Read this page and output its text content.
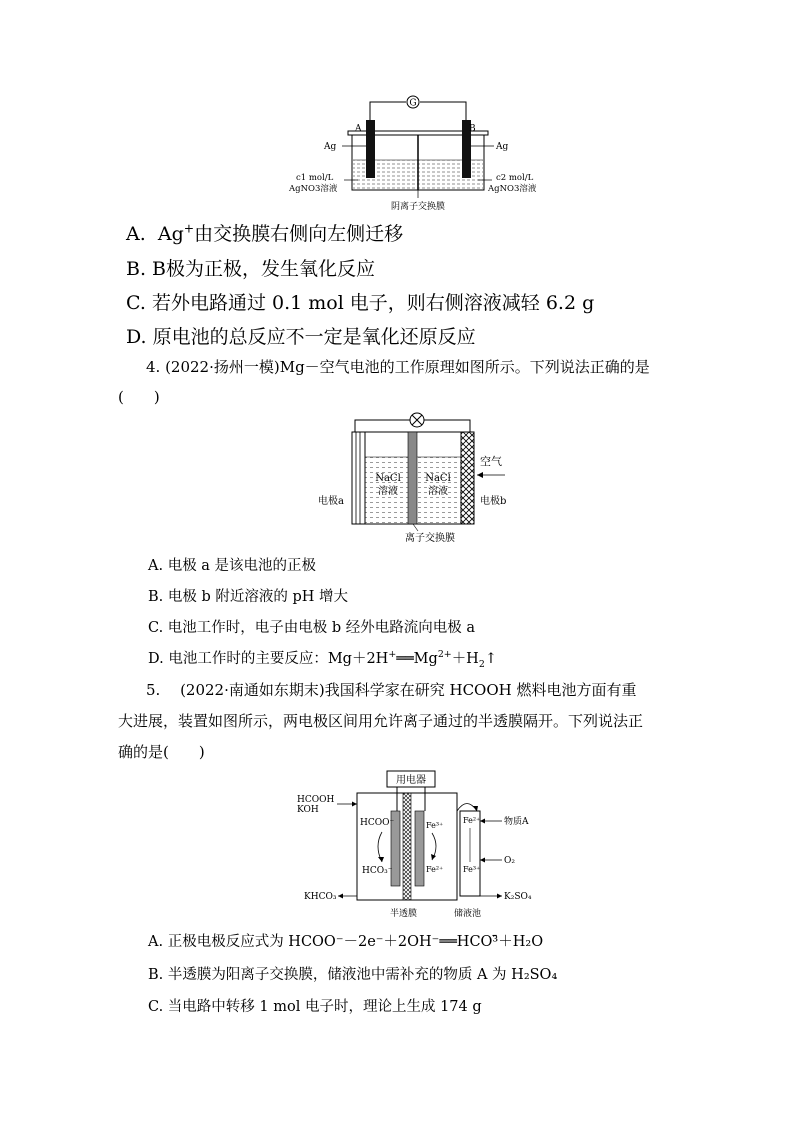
G
A	B
Ag	Ag
c1 mol/L
AgNO3溶液
c2 mol/L
AgNO3溶液
阴离子交换膜
A. Ag+由交换膜右侧向左侧迁移
B. B极为正极，发生氧化反应
C. 若外电路通过 0.1 mol 电子，则右侧溶液减轻 6.2 g
D. 原电池的总反应不一定是氧化还原反应
4. (2022·扬州一模)Mg－空气电池的工作原理如图所示。下列说法正确的是
(　　)
NaCl
溶液
NaCl
溶液
空气
电极a	电极b
离子交换膜
A. 电极 a 是该电池的正极
B. 电极 b 附近溶液的 pH 增大
C. 电池工作时，电子由电极 b 经外电路流向电极 a
D. 电池工作时的主要反应：$Mg+2H^+══Mg^{2+}+H_2↑$
5.　 (2022·南通如东期末)我国科学家在研究 HCOOH 燃料电池方面有重
大进展，装置如图所示，两电极区间用允许离子通过的半透膜隔开。下列说法正
确的是(　　)
用电器
HCOOH
KOH
KHCO₃
HCOO⁻
HCO₃⁻
Fe³⁺
Fe²⁺
Fe²⁺
Fe³⁺
物质A
O₂
K₂SO₄
半透膜	储液池
A. 正极电极反应式为 HCOO⁻－2e⁻＋2OH⁻══HCO³̄＋H₂O
B. 半透膜为阳离子交换膜，储液池中需补充的物质 A 为 H₂SO₄
C. 当电路中转移 1 mol 电子时，理论上生成 174 g
